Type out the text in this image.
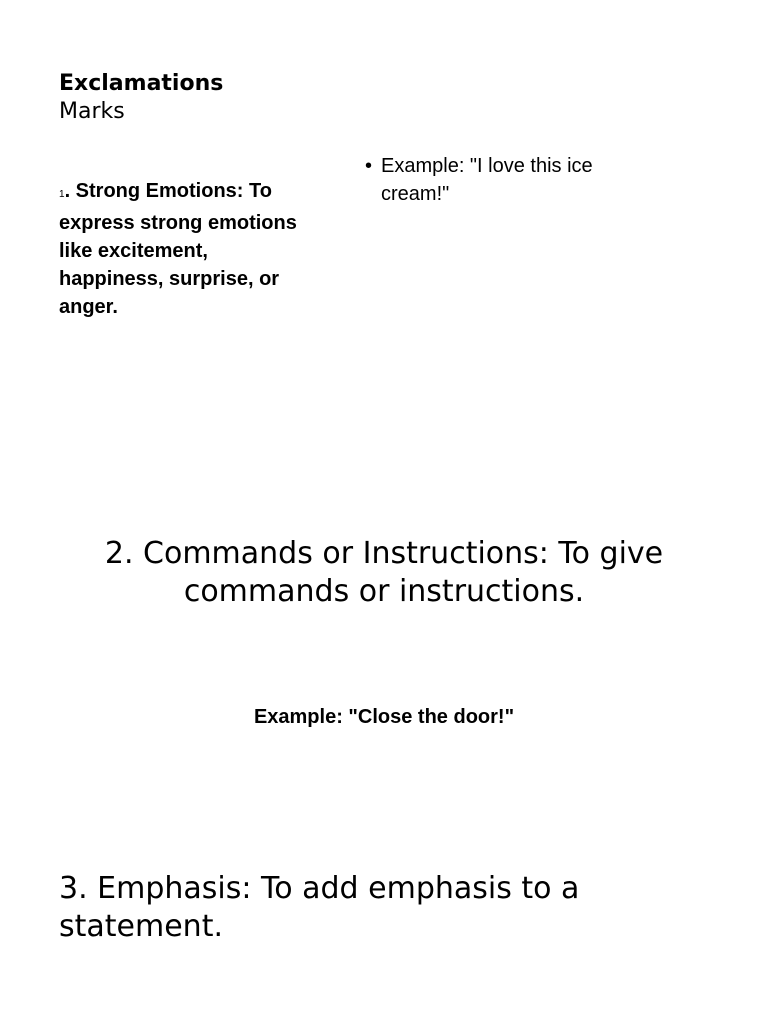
Exclamations
Marks
1. Strong Emotions: To express strong emotions like excitement, happiness, surprise, or anger.
• Example: "I love this ice cream!"
2. Commands or Instructions: To give commands or instructions.
Example: "Close the door!"
3. Emphasis: To add emphasis to a statement.
